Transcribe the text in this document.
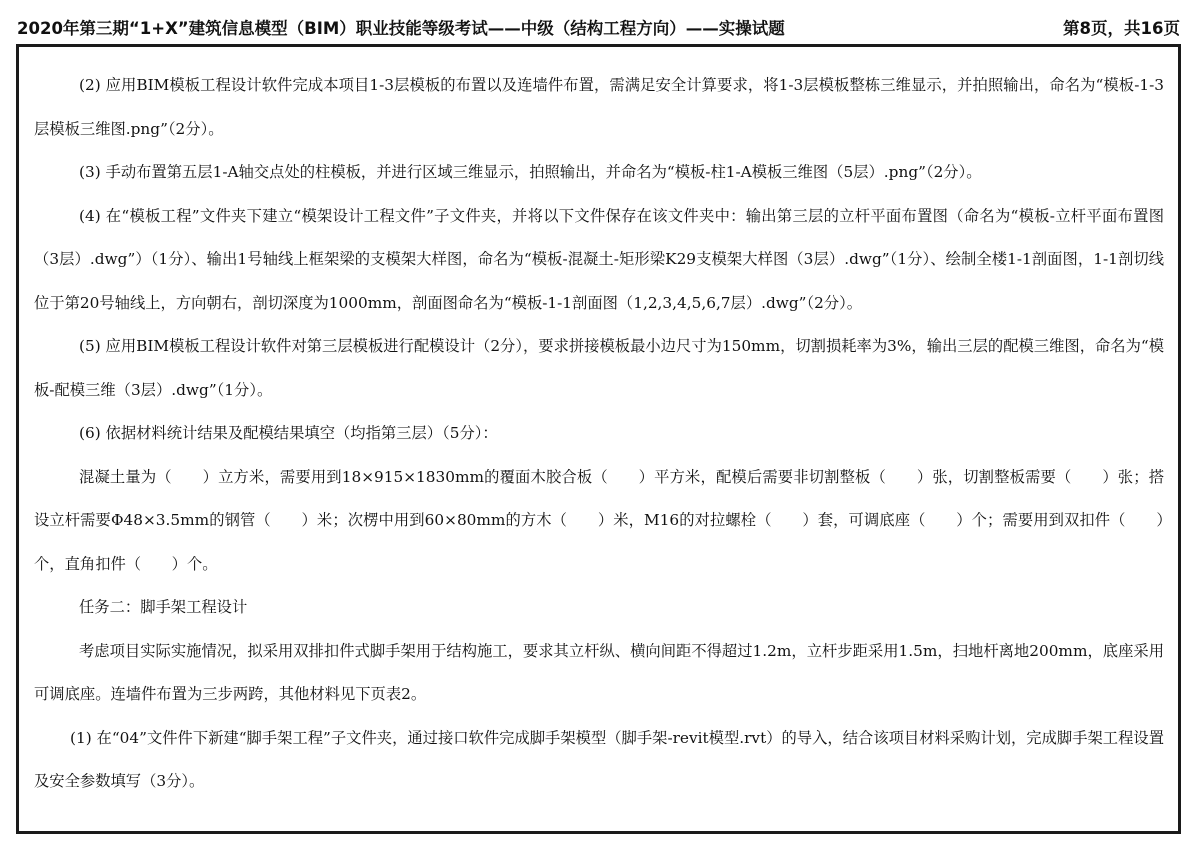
2020年第三期“1+X”建筑信息模型（BIM）职业技能等级考试——中级（结构工程方向）——实操试题	第8页，共16页

(2) 应用BIM模板工程设计软件完成本项目1-3层模板的布置以及连墙件布置，需满足安全计算要求，将1-3层模板整栋三维显示，并拍照输出，命名为“模板-1-3层模板三维图.png”（2分）。

(3) 手动布置第五层1-A轴交点处的柱模板，并进行区域三维显示，拍照输出，并命名为“模板-柱1-A模板三维图（5层）.png”（2分）。

(4) 在“模板工程”文件夹下建立“模架设计工程文件”子文件夹，并将以下文件保存在该文件夹中：输出第三层的立杆平面布置图（命名为“模板-立杆平面布置图（3层）.dwg”）（1分）、输出1号轴线上框架梁的支模架大样图，命名为“模板-混凝土-矩形梁K29支模架大样图（3层）.dwg”（1分）、绘制全楼1-1剖面图，1-1剖切线位于第20号轴线上，方向朝右，剖切深度为1000mm，剖面图命名为“模板-1-1剖面图（1,2,3,4,5,6,7层）.dwg”（2分）。

(5) 应用BIM模板工程设计软件对第三层模板进行配模设计（2分），要求拼接模板最小边尺寸为150mm，切割损耗率为3%，输出三层的配模三维图，命名为“模板-配模三维（3层）.dwg”（1分）。

(6) 依据材料统计结果及配模结果填空（均指第三层）（5分）：

混凝土量为（　　）立方米，需要用到18×915×1830mm的覆面木胶合板（　　）平方米，配模后需要非切割整板（　　）张，切割整板需要（　　）张；搭设立杆需要Φ48×3.5mm的钢管（　　）米；次楞中用到60×80mm的方木（　　）米，M16的对拉螺栓（　　）套，可调底座（　　）个；需要用到双扣件（　　）个，直角扣件（　　）个。

任务二：脚手架工程设计

考虑项目实际实施情况，拟采用双排扣件式脚手架用于结构施工，要求其立杆纵、横向间距不得超过1.2m，立杆步距采用1.5m，扫地杆离地200mm，底座采用可调底座。连墙件布置为三步两跨，其他材料见下页表2。

(1) 在“04”文件件下新建“脚手架工程”子文件夹，通过接口软件完成脚手架模型（脚手架-revit模型.rvt）的导入，结合该项目材料采购计划，完成脚手架工程设置及安全参数填写（3分）。
